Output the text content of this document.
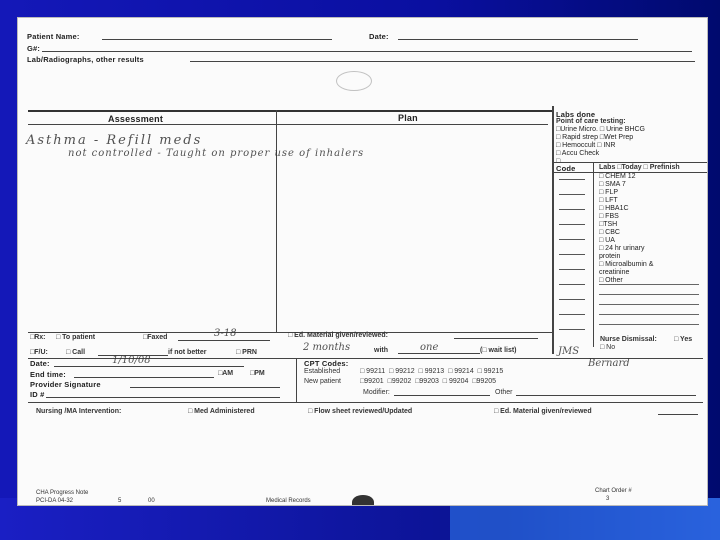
Patient Name:	Date:
G#:
Lab/Radiographs, other results
Assessment	Plan
Asthma - Refill meds
not controlled - Taught on proper use of inhalers
Labs done
Point of care testing:
□Urine Micro. □ Urine BHCG
□ Rapid strep □Wet Prep
□ Hemoccult □ INR
□ Accu Check
□
Code	Labs □Today □ Prefinish
□ CHEM 12
□ SMA 7
□ FLP
□ LFT
□ HBA1C
□ FBS
□TSH
□ CBC
□ UA
□ 24 hr urinary
protein
□ Microalbumin &
creatinine
□ Other
Nurse Dismissal: □ Yes
□ No
□Rx: □ To patient	□Faxed	3-18	□ Ed. Material given/reviewed:
□F/U:	□ Call	if not better	□ PRN	2 months	with	one	(□ wait list)	JMS
CPT Codes:
Established	□ 99211 □ 99212 □ 99213 □ 99214 □ 99215
New patient	□99201 □99202 □99203 □ 99204 □99205
Bernard
Modifier:	Other
Date:	1/10/08
End time:	□AM □PM
Provider Signature
ID #
Nursing /MA Intervention:	□ Med Administered	□ Flow sheet reviewed/Updated	□ Ed. Material given/reviewed
CHA Progress Note
PCI-DA 04-32	5	00	Medical Records
Chart Order #
3
